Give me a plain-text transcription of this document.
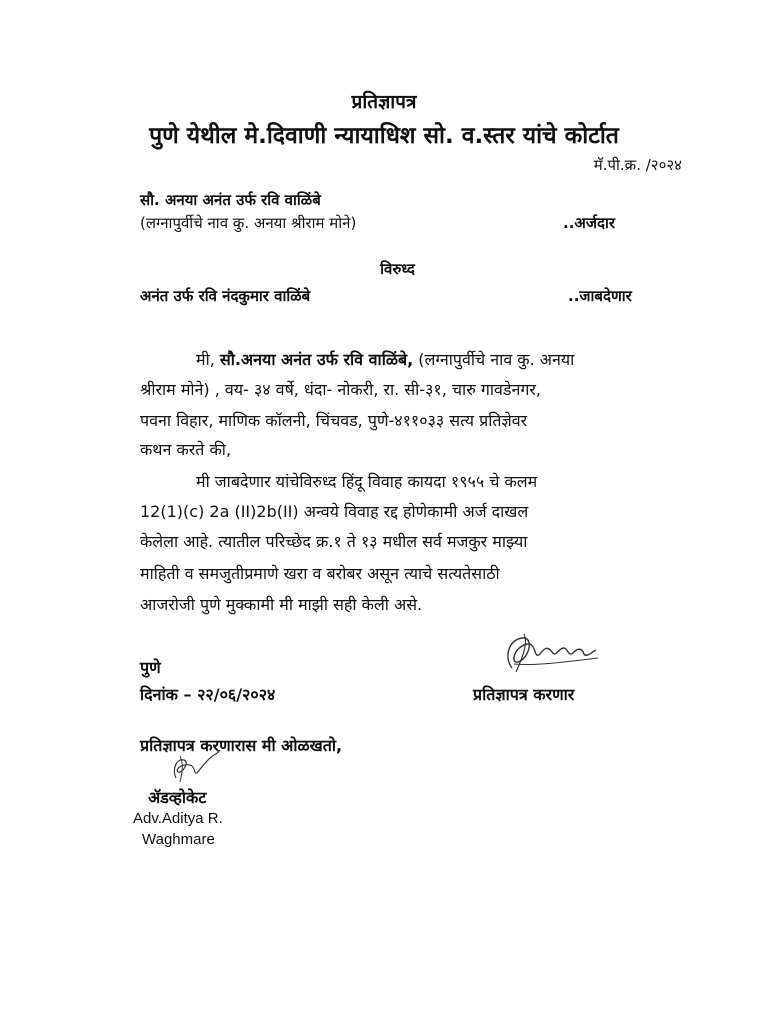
प्रतिज्ञापत्र
पुणे येथील मे.दिवाणी न्यायाधिश सो. व.स्तर यांचे कोर्टात
मॅ.पी.क्र. /२०२४
सौ. अनया अनंत उर्फ रवि वाळिंबे
(लग्नापुर्वीचे नाव कु. अनया श्रीराम मोने)	..अर्जदार
विरुध्द
अनंत उर्फ रवि नंदकुमार वाळिंबे	..जाबदेणार
मी, सौ.अनया अनंत उर्फ रवि वाळिंबे, (लग्नापुर्वीचे नाव कु. अनया
श्रीराम मोने) , वय- ३४ वर्षे, धंदा- नोकरी, रा. सी-३१, चारु गावडेनगर,
पवना विहार, माणिक कॉलनी, चिंचवड, पुणे-४११०३३ सत्य प्रतिज्ञेवर
कथन करते की,
मी जाबदेणार यांचेविरुध्द हिंदू विवाह कायदा १९५५ चे कलम
12(1)(c) 2a (II)2b(II) अन्वये विवाह रद्द होणेकामी अर्ज दाखल
केलेला आहे. त्यातील परिच्छेद क्र.१ ते १३ मधील सर्व मजकुर माझ्या
माहिती व समजुतीप्रमाणे खरा व बरोबर असून त्याचे सत्यतेसाठी
आजरोजी पुणे मुक्कामी मी माझी सही केली असे.
पुणे
दिनांक – २२/०६/२०२४	प्रतिज्ञापत्र करणार
प्रतिज्ञापत्र करणारास मी ओळखतो,
ॲडव्होकेट
Adv.Aditya R.
Waghmare
